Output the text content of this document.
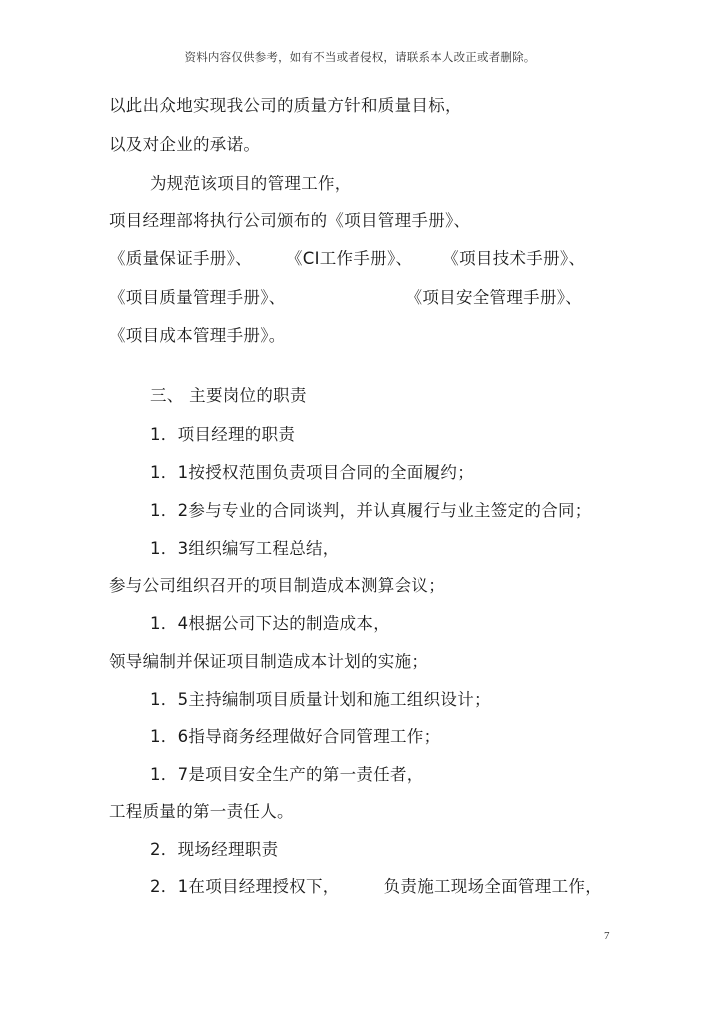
资料内容仅供参考，如有不当或者侵权，请联系本人改正或者删除。
以此出众地实现我公司的质量方针和质量目标，
以及对企业的承诺。
为规范该项目的管理工作，
项目经理部将执行公司颁布的《项目管理手册》、
《质量保证手册》、 《CI工作手册》、 《项目技术手册》、
《项目质量管理手册》、	《项目安全管理手册》、
《项目成本管理手册》。
三、 主要岗位的职责
1．项目经理的职责
1．1按授权范围负责项目合同的全面履约；
1．2参与专业的合同谈判，并认真履行与业主签定的合同；
1．3组织编写工程总结，
参与公司组织召开的项目制造成本测算会议；
1．4根据公司下达的制造成本，
领导编制并保证项目制造成本计划的实施；
1．5主持编制项目质量计划和施工组织设计；
1．6指导商务经理做好合同管理工作；
1．7是项目安全生产的第一责任者，
工程质量的第一责任人。
2．现场经理职责
2．1在项目经理授权下，	负责施工现场全面管理工作，
7
